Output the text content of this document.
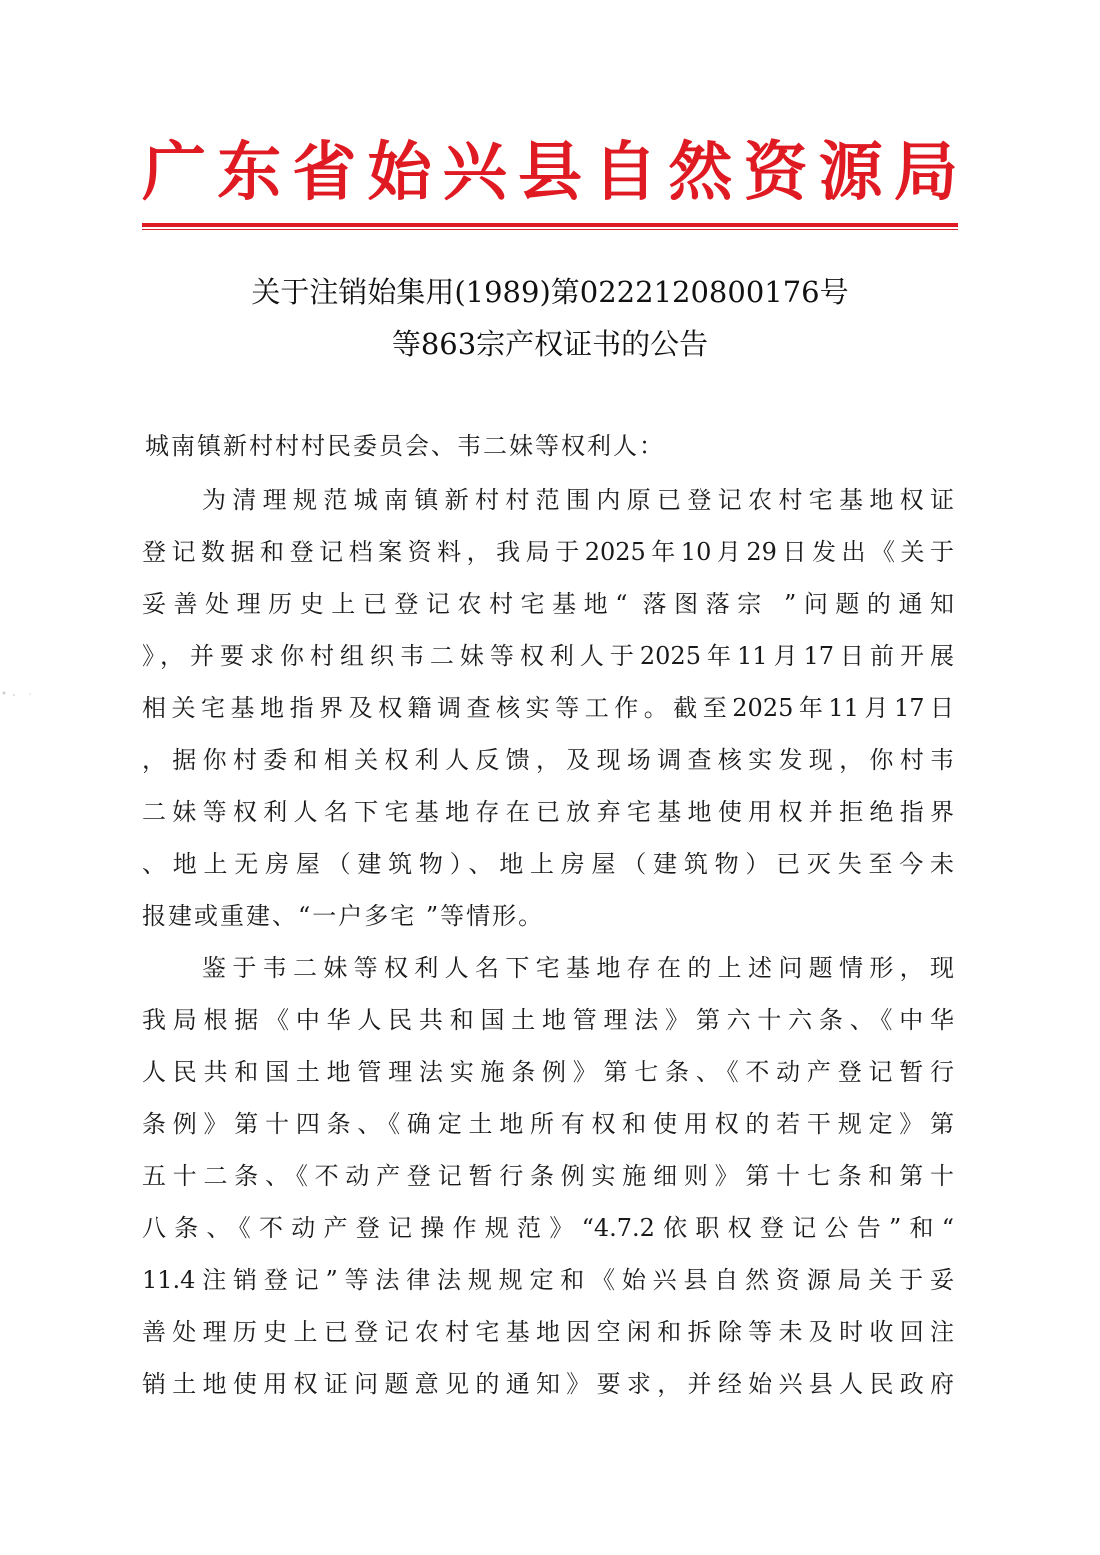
广 东 省 始 兴 县 自 然 资 源 局
关于注销始集用(1989)第0222120800176号
等863宗产权证书的公告
城南镇新村村村民委员会、韦二妹等权利人：
为清理规范城南镇新村村范围内原已登记农村宅基地权证
登记数据和登记档案资料，我局于2025年10月29日发出《关于
妥善处理历史上已登记农村宅基地“ 落图落宗 ”问题的通知
》，并要求你村组织韦二妹等权利人于2025年11月17日前开展
相关宅基地指界及权籍调查核实等工作。截至2025年11月17日
，据你村委和相关权利人反馈，及现场调查核实发现，你村韦
二妹等权利人名下宅基地存在已放弃宅基地使用权并拒绝指界
、地上无房屋（建筑物）、地上房屋（建筑物）已灭失至今未
报建或重建、“一户多宅 ”等情形。
鉴于韦二妹等权利人名下宅基地存在的上述问题情形，现
我局根据《中华人民共和国土地管理法》第六十六条、《中华
人民共和国土地管理法实施条例》第七条、《不动产登记暂行
条例》第十四条、《确定土地所有权和使用权的若干规定》第
五十二条、《不动产登记暂行条例实施细则》第十七条和第十
八条、《不动产登记操作规范》“4.7.2依职权登记公告”和“
11.4注销登记”等法律法规规定和《始兴县自然资源局关于妥
善处理历史上已登记农村宅基地因空闲和拆除等未及时收回注
销土地使用权证问题意见的通知》要求，并经始兴县人民政府
